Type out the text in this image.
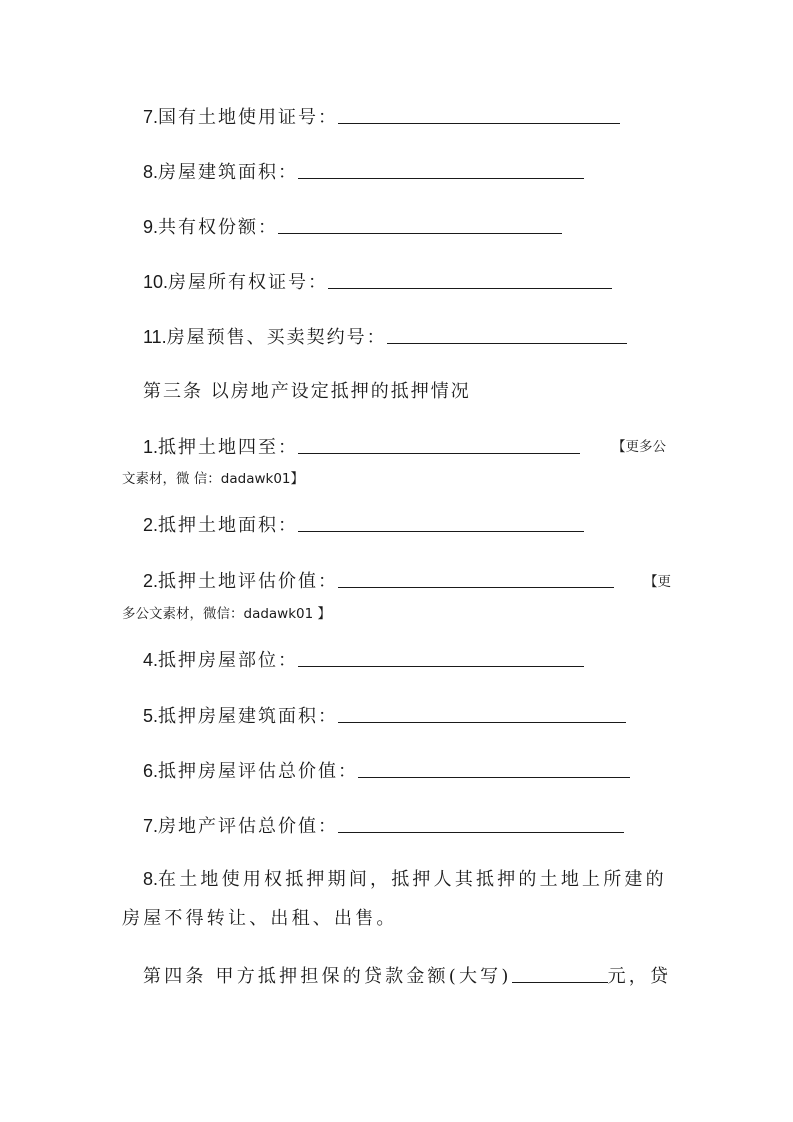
7.国有土地使用证号：
8.房屋建筑面积：
9.共有权份额：
10.房屋所有权证号：
11.房屋预售、买卖契约号：
第三条 以房地产设定抵押的抵押情况
1.抵押土地四至：	【更多公
文素材，微 信：dadawk01】
2.抵押土地面积：
2.抵押土地评估价值：	【更
多公文素材，微信：dadawk01 】
4.抵押房屋部位：
5.抵押房屋建筑面积：
6.抵押房屋评估总价值：
7.房地产评估总价值：
8.在土地使用权抵押期间，抵押人其抵押的土地上所建的
房屋不得转让、出租、出售。
第四条 甲方抵押担保的贷款金额(大写)	元，贷
